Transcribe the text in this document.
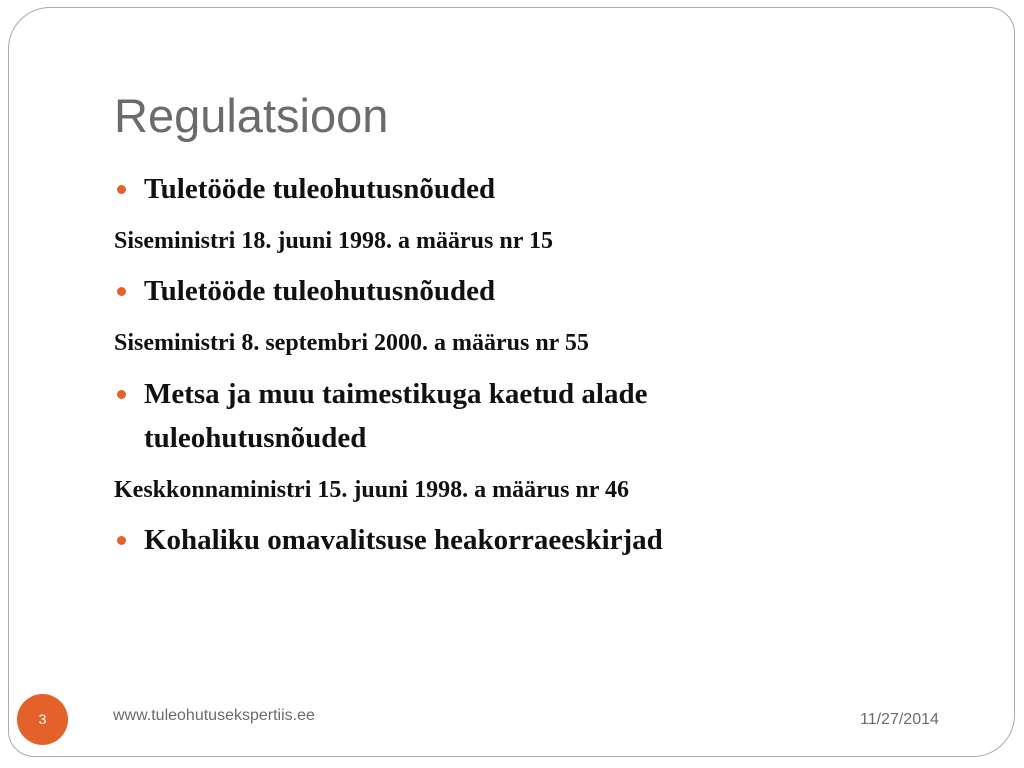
Regulatsioon
Tuletööde tuleohutusnõuded
Siseministri 18. juuni 1998. a määrus nr 15
Tuletööde tuleohutusnõuded
Siseministri 8. septembri 2000. a määrus nr 55
Metsa ja muu taimestikuga kaetud alade
tuleohutusnõuded
Keskkonnaministri 15. juuni 1998. a määrus nr 46
Kohaliku omavalitsuse heakorraeeskirjad
3	www.tuleohutusekspertiis.ee	11/27/2014
